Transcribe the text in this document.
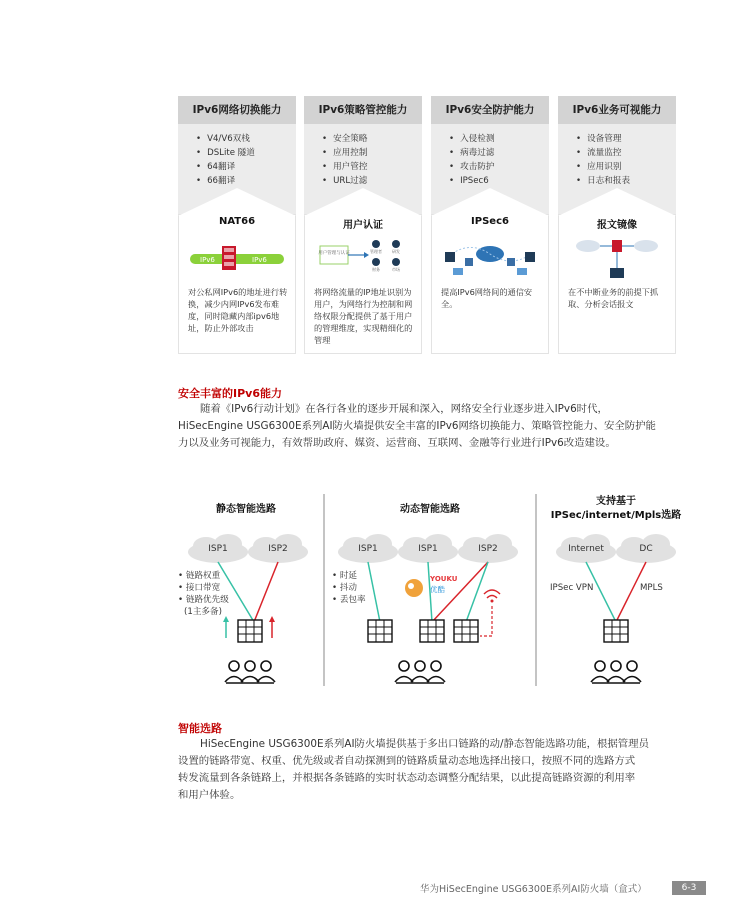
IPv6网络切换能力
• V4/V6双栈
• DSLite 隧道
• 64翻译
• 66翻译
NAT66
IPv6	IPv6
对公私网IPv6的地址进行转换，减少内网IPv6发布难度，同时隐藏内部ipv6地址，防止外部攻击
IPv6策略管控能力
• 安全策略
• 应用控制
• 用户管控
• URL过滤
用户认证
用户管理与认证	管理者	研发
财务	市场
将网络流量的IP地址识别为用户，为网络行为控制和网络权限分配提供了基于用户的管理维度，实现精细化的管理
IPv6安全防护能力
• 入侵检测
• 病毒过滤
• 攻击防护
• IPSec6
IPSec6
提高IPv6网络间的通信安全。
IPv6业务可视能力
• 设备管理
• 流量监控
• 应用识别
• 日志和报表
报文镜像
在不中断业务的前提下抓取、分析会话报文
安全丰富的IPv6能力
随着《IPv6行动计划》在各行各业的逐步开展和深入，网络安全行业逐步进入IPv6时代，
HiSecEngine USG6300E系列AI防火墙提供安全丰富的IPv6网络切换能力、策略管控能力、安全防护能
力以及业务可视能力，有效帮助政府、媒资、运营商、互联网、金融等行业进行IPv6改造建设。
静态智能选路
ISP1	ISP2
• 链路权重
• 接口带宽
• 链路优先级
(1主多备)
动态智能选路
ISP1	ISP1	ISP2
YOUKU
优酷
• 时延
• 抖动
• 丢包率
支持基于
IPSec/internet/Mpls选路
Internet	DC
IPSec VPN	MPLS
智能选路
HiSecEngine USG6300E系列AI防火墙提供基于多出口链路的动/静态智能选路功能，根据管理员
设置的链路带宽、权重、优先级或者自动探测到的链路质量动态地选择出接口，按照不同的选路方式
转发流量到各条链路上，并根据各条链路的实时状态动态调整分配结果，以此提高链路资源的利用率
和用户体验。
华为HiSecEngine USG6300E系列AI防火墙（盒式）	6-3
